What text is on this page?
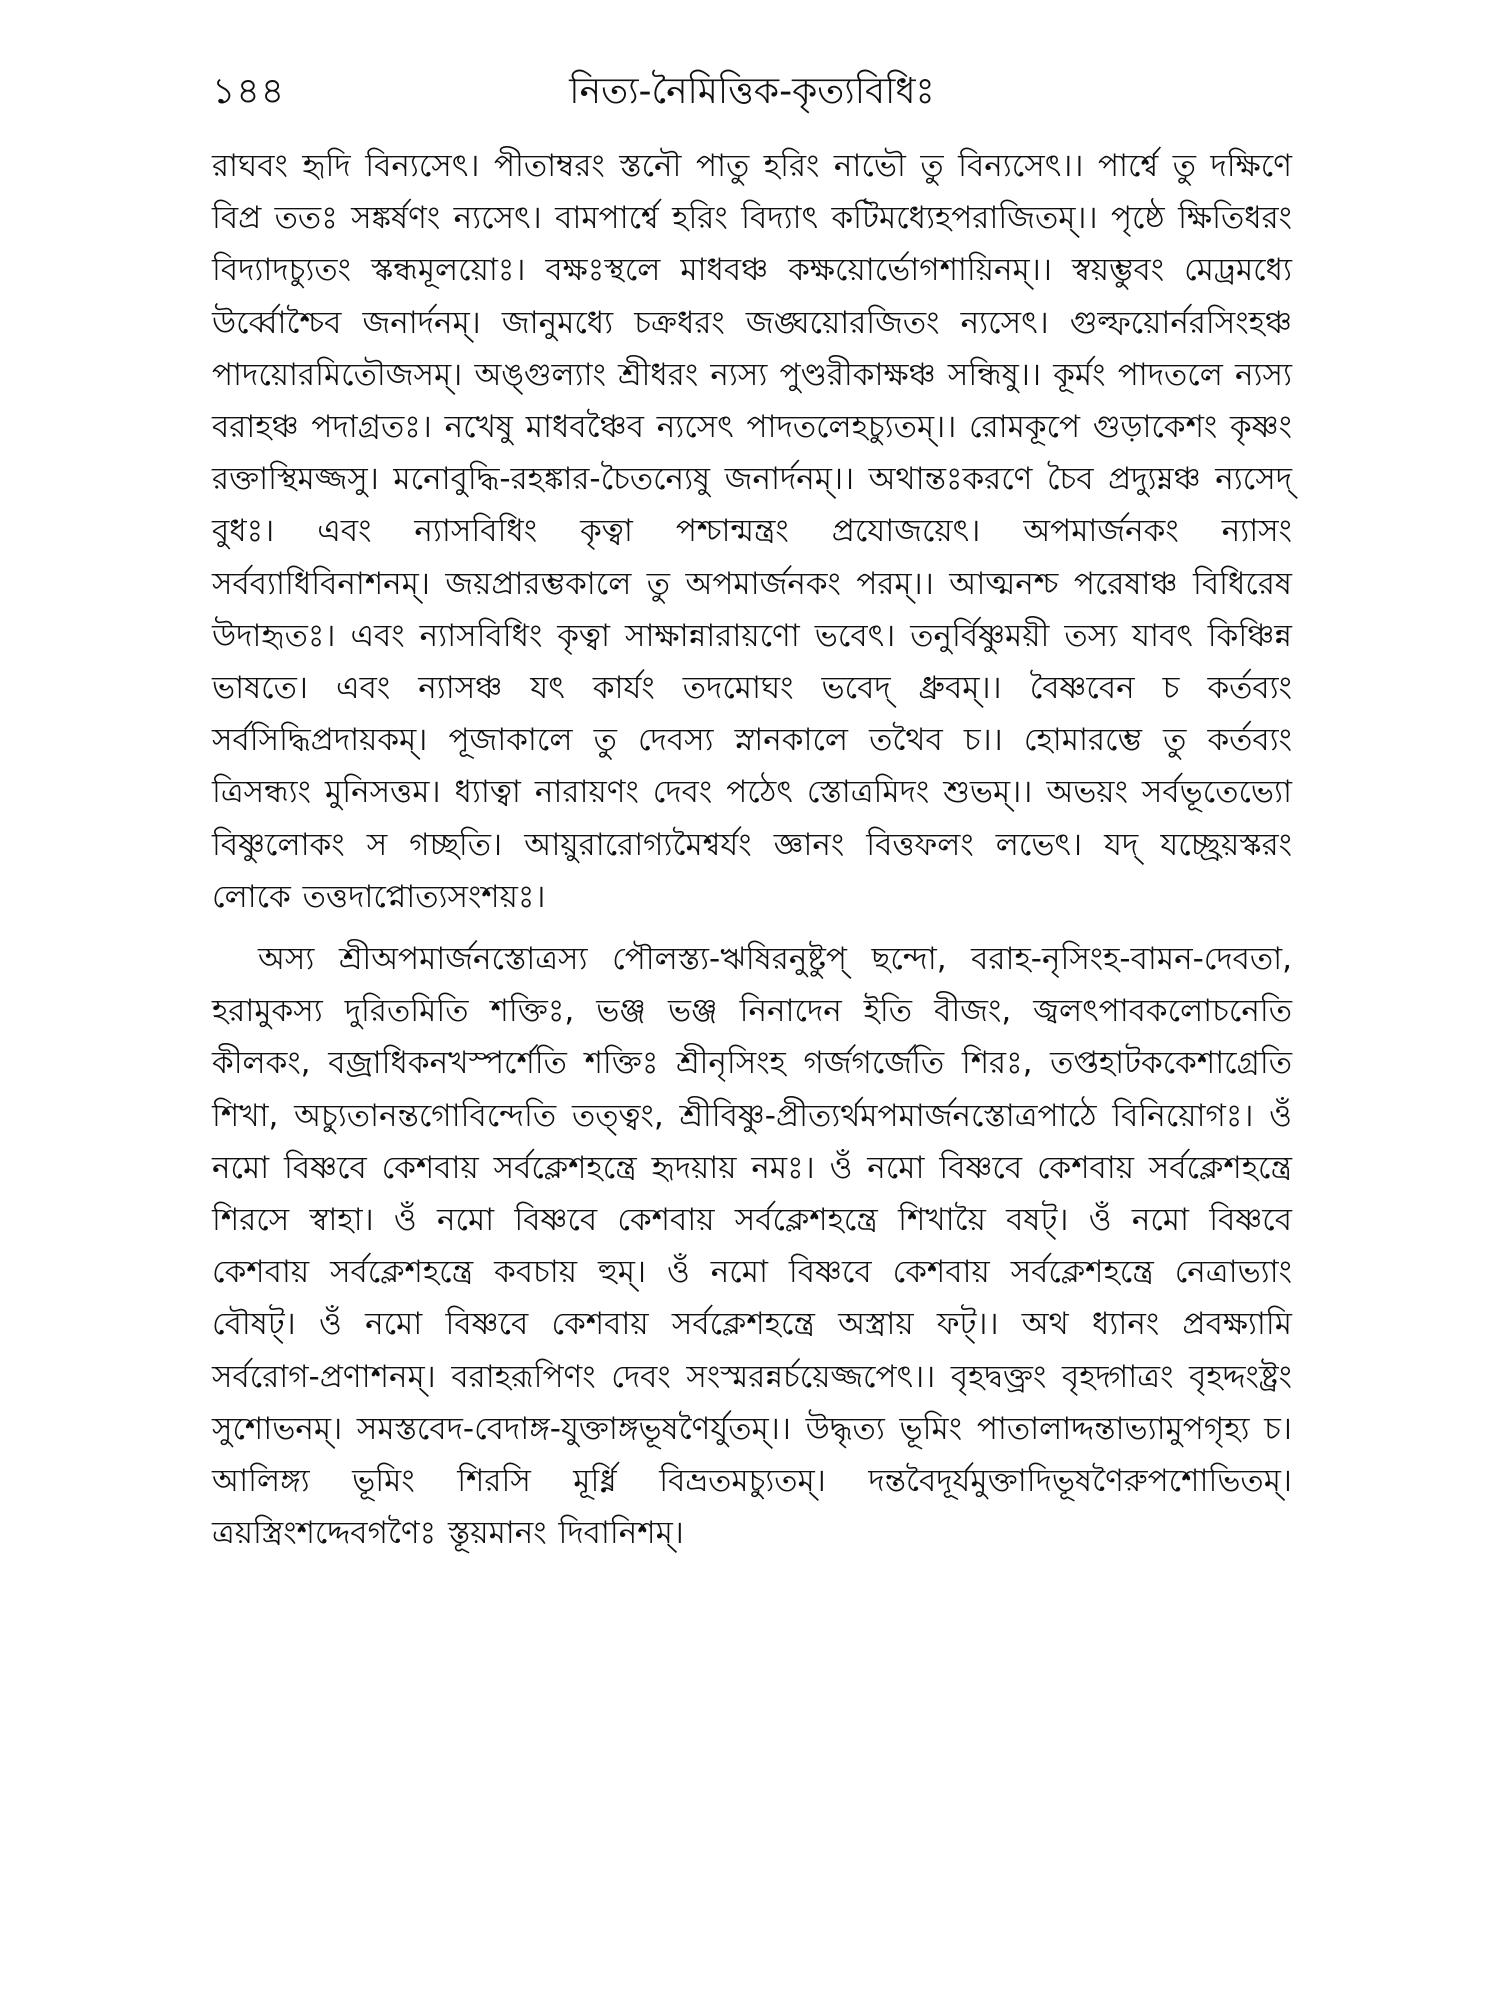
১৪৪	নিত্য-নৈমিত্তিক-কৃত্যবিধিঃ

রাঘবং হৃদি বিন্যসেৎ। পীতাম্বরং স্তনৌ পাতু হরিং নাভৌ তু বিন্যসেৎ।। পার্শ্বে তু দক্ষিণে বিপ্র ততঃ সঙ্কর্ষণং ন্যসেৎ। বামপার্শ্বে হরিং বিদ্যাৎ কটিমধ্যেহপরাজিতম্।। পৃষ্ঠে ক্ষিতিধরং বিদ্যাদচ্যুতং স্কন্ধমূলয়োঃ। বক্ষঃস্থলে মাধবঞ্চ কক্ষয়োর্ভোগশায়িনম্।। স্বয়ম্ভুবং মেঢ্রমধ্যে উর্ব্বোশ্চৈব জনার্দনম্। জানুমধ্যে চক্রধরং জঙ্ঘয়োরজিতং ন্যসেৎ। গুল্ফয়োর্নরসিংহঞ্চ পাদয়োরমিতৌজসম্। অঙ্গুল্যাং শ্রীধরং ন্যস্য পুণ্ডরীকাক্ষঞ্চ সন্ধিষু।। কূর্মং পাদতলে ন্যস্য বরাহঞ্চ পদাগ্রতঃ। নখেষু মাধবঞ্চৈব ন্যসেৎ পাদতলেহচ্যুতম্।। রোমকূপে গুড়াকেশং কৃষ্ণং রক্তাস্থিমজ্জসু। মনোবুদ্ধি-রহঙ্কার-চৈতন্যেষু জনার্দনম্।। অথান্তঃকরণে চৈব প্রদ্যুম্নঞ্চ ন্যসেদ্ বুধঃ। এবং ন্যাসবিধিং কৃত্বা পশ্চান্মন্ত্রং প্রযোজয়েৎ। অপমার্জনকং ন্যাসং সর্বব্যাধিবিনাশনম্। জয়প্রারম্ভকালে তু অপমার্জনকং পরম্।। আত্মনশ্চ পরেষাঞ্চ বিধিরেষ উদাহৃতঃ। এবং ন্যাসবিধিং কৃত্বা সাক্ষান্নারায়ণো ভবেৎ। তনুর্বিষ্ণুময়ী তস্য যাবৎ কিঞ্চিন্ন ভাষতে। এবং ন্যাসঞ্চ যৎ কার্যং তদমোঘং ভবেদ্ ধ্রুবম্।। বৈষ্ণবেন চ কর্তব্যং সর্বসিদ্ধিপ্রদায়কম্। পূজাকালে তু দেবস্য স্নানকালে তথৈব চ।। হোমারম্ভে তু কর্তব্যং ত্রিসন্ধ্যং মুনিসত্তম। ধ্যাত্বা নারায়ণং দেবং পঠেৎ স্তোত্রমিদং শুভম্।। অভয়ং সর্বভূতেভ্যো বিষ্ণুলোকং স গচ্ছতি। আয়ুরারোগ্যমৈশ্বর্যং জ্ঞানং বিত্তফলং লভেৎ। যদ্ যচ্ছ্রেয়স্করং লোকে তত্তদাপ্নোত্যসংশয়ঃ।

অস্য শ্রীঅপমার্জনস্তোত্রস্য পৌলস্ত্য-ঋষিরনুষ্টুপ্ ছন্দো, বরাহ-নৃসিংহ-বামন-দেবতা, হরামুকস্য দুরিতমিতি শক্তিঃ, ভঞ্জ ভঞ্জ নিনাদেন ইতি বীজং, জ্বলৎপাবকলোচনেতি কীলকং, বজ্রাধিকনখস্পর্শেতি শক্তিঃ শ্রীনৃসিংহ গর্জগর্জেতি শিরঃ, তপ্তহাটককেশাগ্রেতি শিখা, অচ্যুতানন্তগোবিন্দেতি তত্ত্বং, শ্রীবিষ্ণু-প্রীত্যর্থমপমার্জনস্তোত্রপাঠে বিনিয়োগঃ। ওঁ নমো বিষ্ণবে কেশবায় সর্বক্লেশহন্ত্রে হৃদয়ায় নমঃ। ওঁ নমো বিষ্ণবে কেশবায় সর্বক্লেশহন্ত্রে শিরসে স্বাহা। ওঁ নমো বিষ্ণবে কেশবায় সর্বক্লেশহন্ত্রে শিখায়ৈ বষট্। ওঁ নমো বিষ্ণবে কেশবায় সর্বক্লেশহন্ত্রে কবচায় হুম্। ওঁ নমো বিষ্ণবে কেশবায় সর্বক্লেশহন্ত্রে নেত্রাভ্যাং বৌষট্। ওঁ নমো বিষ্ণবে কেশবায় সর্বক্লেশহন্ত্রে অস্ত্রায় ফট্।। অথ ধ্যানং প্রবক্ষ্যামি সর্বরোগ-প্রণাশনম্। বরাহরূপিণং দেবং সংস্মরন্নর্চয়েজ্জপেৎ।। বৃহদ্বক্ত্রং বৃহদ্গাত্রং বৃহদ্দংষ্ট্রং সুশোভনম্। সমস্তবেদ-বেদাঙ্গ-যুক্তাঙ্গভূষণৈর্যুতম্।। উদ্ধৃত্য ভূমিং পাতালাদ্দন্তাভ্যামুপগৃহ্য চ। আলিঙ্গ্য ভূমিং শিরসি মূর্ধ্নি বিভ্রতমচ্যুতম্। দন্তবৈদূর্যমুক্তাদিভূষণৈরুপশোভিতম্। ত্রয়স্ত্রিংশদ্দেবগণৈঃ স্তূয়মানং দিবানিশম্।
